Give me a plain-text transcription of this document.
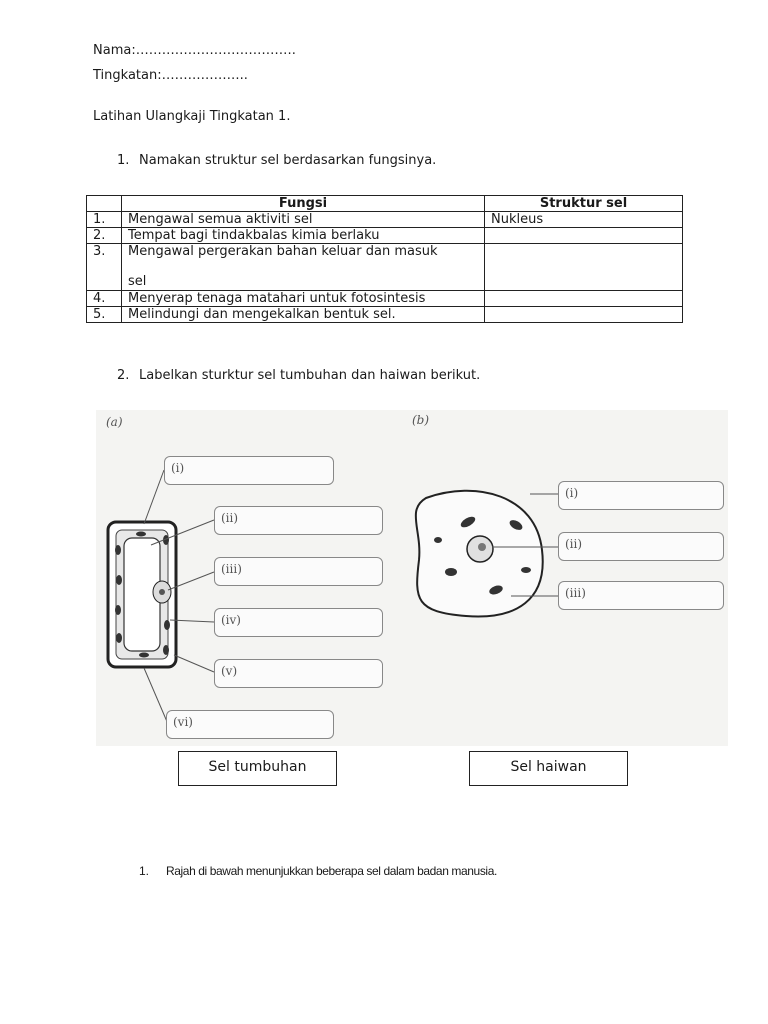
Nama:……………………………….
Tingkatan:………………..
Latihan Ulangkaji Tingkatan 1.
1. Namakan struktur sel berdasarkan fungsinya.
	Fungsi	Struktur sel
1.	Mengawal semua aktiviti sel	Nukleus
2.	Tempat bagi tindakbalas kimia berlaku	
3.	Mengawal pergerakan bahan keluar dan masuk
sel	

4.	Menyerap tenaga matahari untuk fotosintesis	
5.	Melindungi dan mengekalkan bentuk sel.	
2. Labelkan sturktur sel tumbuhan dan haiwan berikut.
(a)	(b)
(i)
(ii)
(iii)
(iv)
(v)
(vi)
(i)
(ii)
(iii)
Sel tumbuhan	Sel haiwan
1. Rajah di bawah menunjukkan beberapa sel dalam badan manusia.
